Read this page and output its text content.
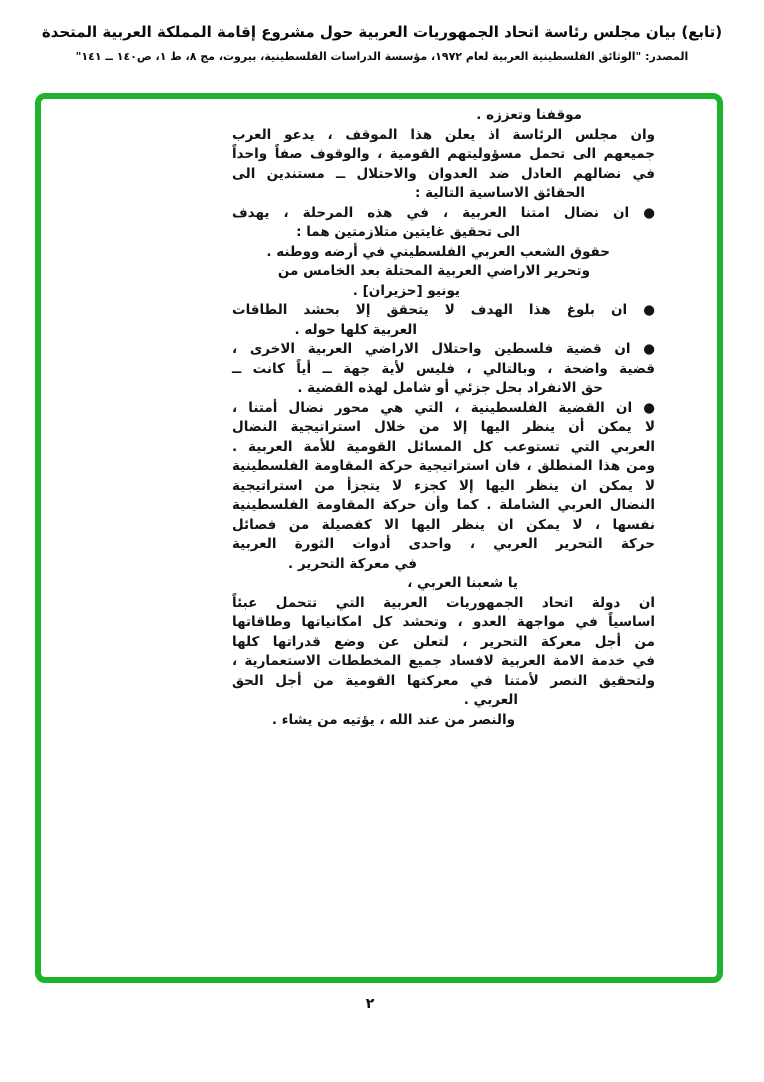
(تابع) بيان مجلس رئاسة اتحاد الجمهوريات العربية حول مشروع إقامة المملكة العربية المتحدة
المصدر: "الوثائق الفلسطينية العربية لعام ١٩٧٢، مؤسسة الدراسات الفلسطينية، بيروت، مج ٨، ط ١، ص١٤٠ ــ ١٤١"
موقفنا وتعززه .
وان مجلس الرئاسة اذ يعلن هذا الموقف ، يدعو العرب
جميعهم الى تحمل مسؤوليتهم القومية ، والوقوف صفاً واحداً
في نضالهم العادل ضد العدوان والاحتلال ــ مستندين الى
الحقائق الاساسية التالية :
● ان نضال امتنا العربية ، في هذه المرحلة ، يهدف
الى تحقيق غايتين متلازمتين هما :
حقوق الشعب العربي الفلسطيني في أرضه ووطنه .
وتحرير الاراضي العربية المحتلة بعد الخامس من
يونيو [حزيران] .
● ان بلوغ هذا الهدف لا يتحقق إلا بحشد الطاقات
العربية كلها حوله .
● ان قضية فلسطين واحتلال الاراضي العربية الاخرى ،
قضية واضحة ، وبالتالي ، فليس لأية جهة ــ أياً كانت ــ
حق الانفراد بحل جزئي أو شامل لهذه القضية .
● ان القضية الفلسطينية ، التي هي محور نضال أمتنا ،
لا يمكن أن ينظر اليها إلا من خلال استراتيجية النضال
العربي التي تستوعب كل المسائل القومية للأمة العربية .
ومن هذا المنطلق ، فان استراتيجية حركة المقاومة الفلسطينية
لا يمكن ان ينظر اليها إلا كجزء لا يتجزأ من استراتيجية
النضال العربي الشاملة . كما وأن حركة المقاومة الفلسطينية
نفسها ، لا يمكن ان ينظر اليها الا كفصيلة من فصائل
حركة التحرير العربي ، واحدى أدوات الثورة العربية
في معركة التحرير .
يا شعبنا العربي ،
ان دولة اتحاد الجمهوريات العربية التي تتحمل عبئاً
اساسياً في مواجهة العدو ، وتحشد كل امكانياتها وطاقاتها
من أجل معركة التحرير ، لتعلن عن وضع قدراتها كلها
في خدمة الامة العربية لافساد جميع المخططات الاستعمارية ،
ولتحقيق النصر لأمتنا في معركتها القومية من أجل الحق
العربي .
والنصر من عند الله ، يؤتيه من يشاء .
٢
